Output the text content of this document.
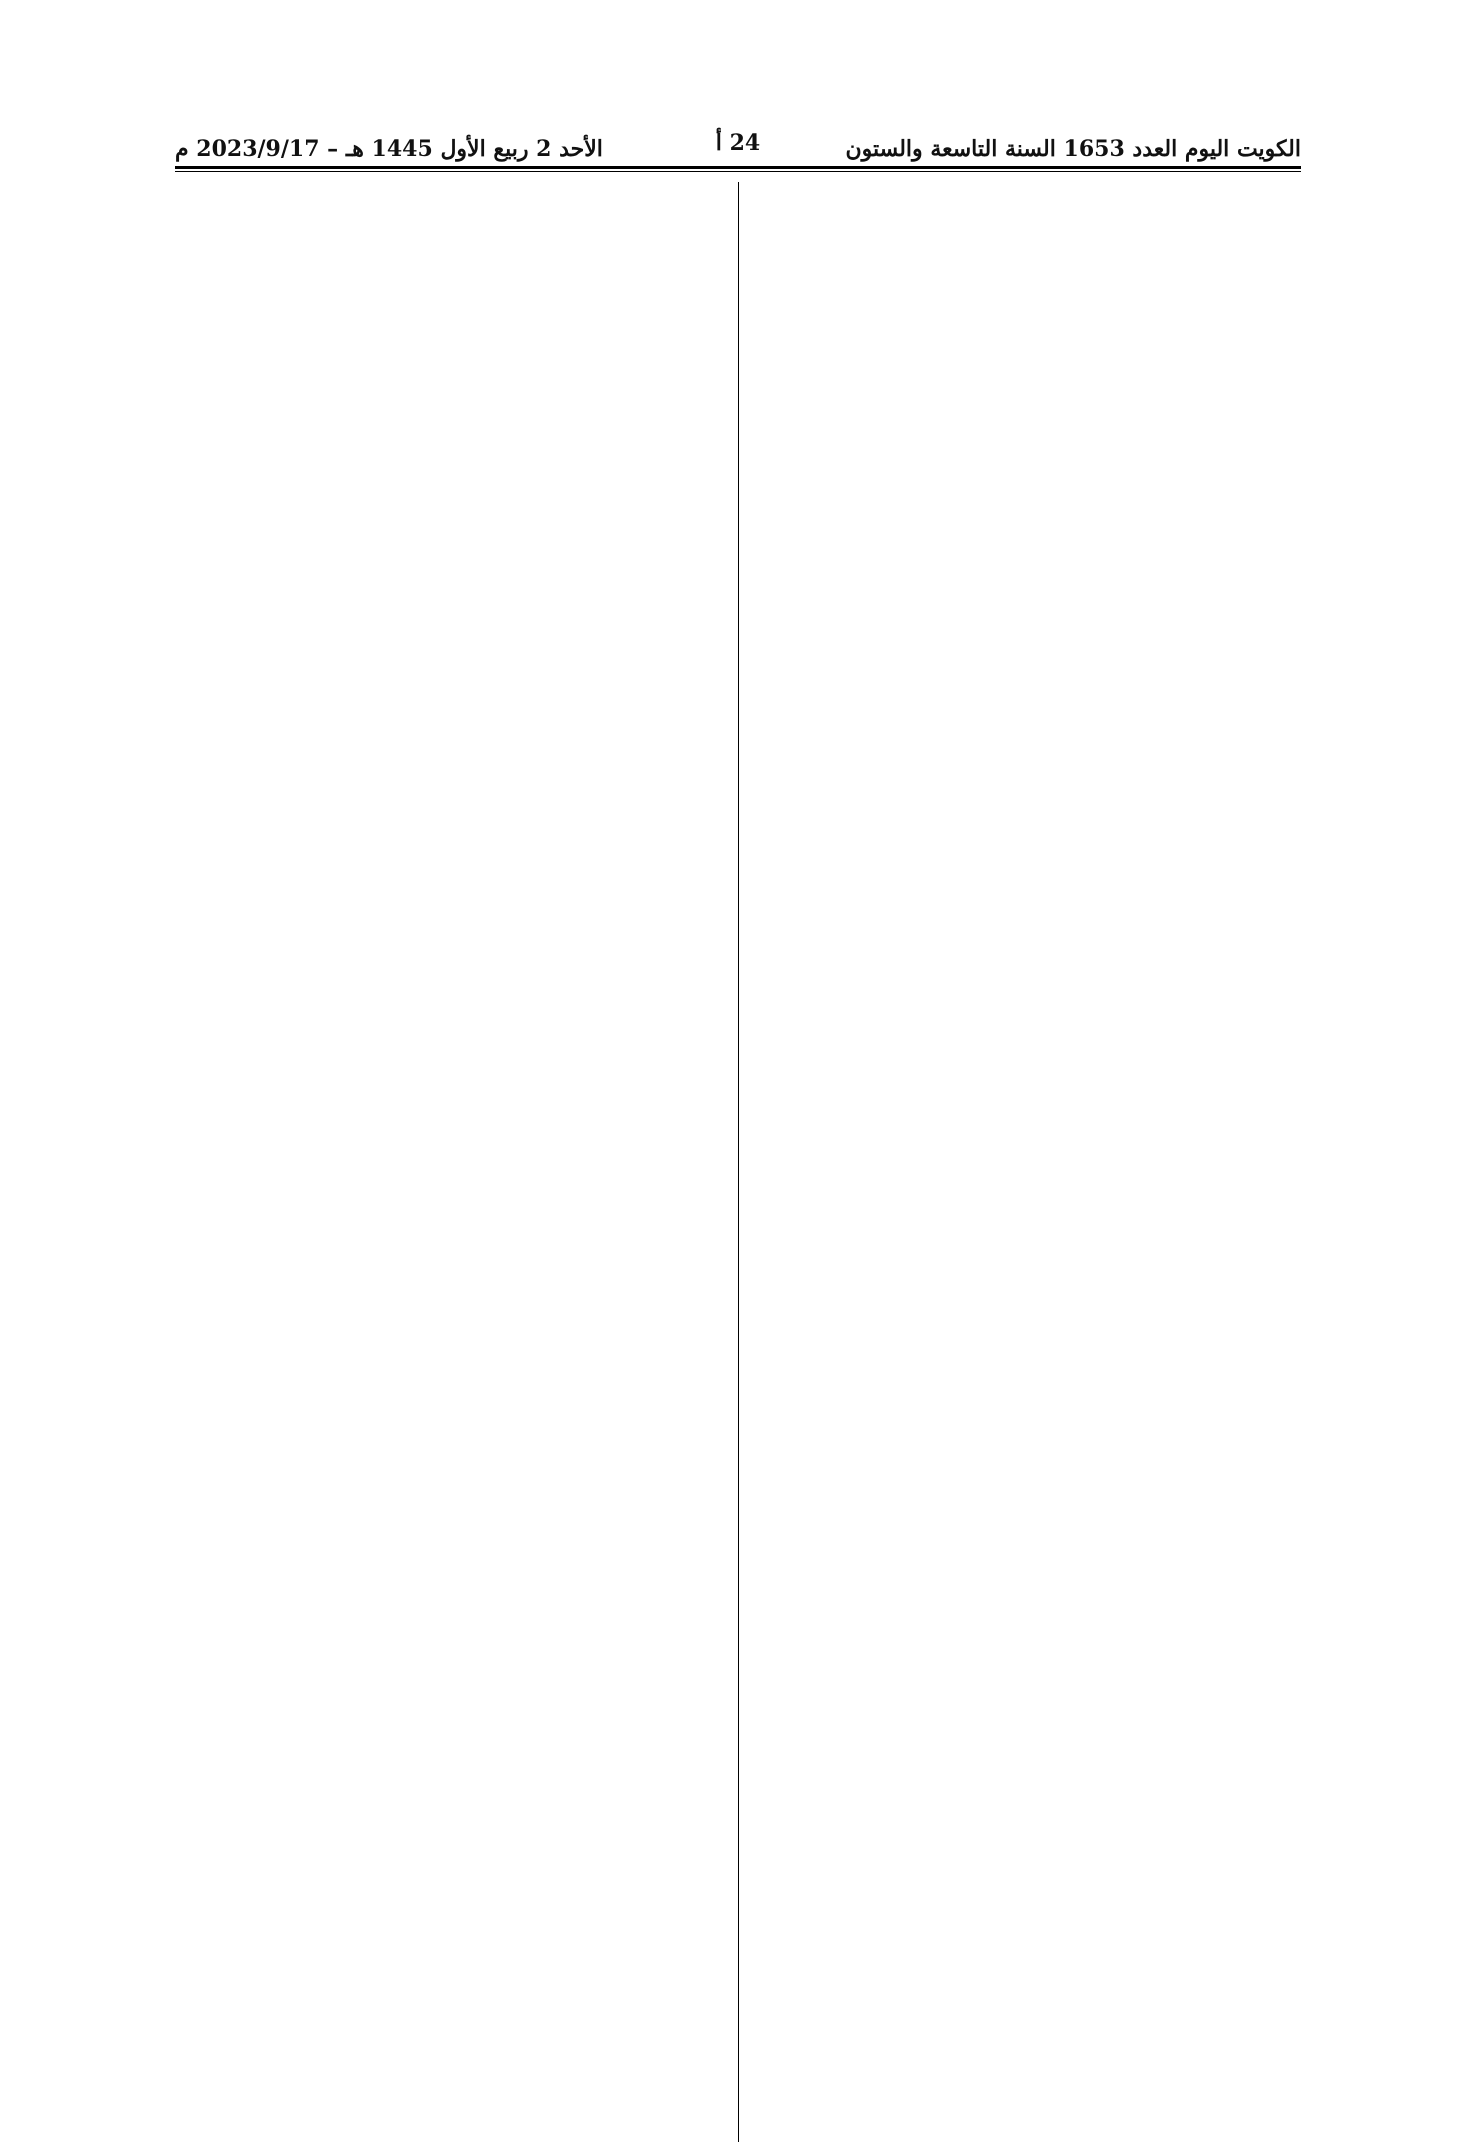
الكويت اليوم العدد 1653 السنة التاسعة والستون
24 أ
الأحد 2 ربيع الأول 1445 هـ – 2023/9/17 م
